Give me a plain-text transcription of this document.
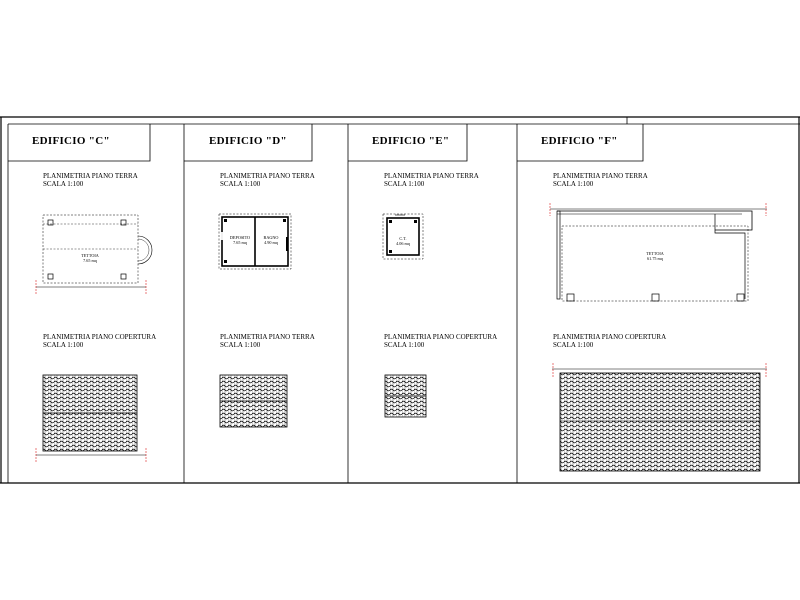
EDIFICIO "C"	EDIFICIO "D"	EDIFICIO "E"	EDIFICIO "F"
PLANIMETRIA PIANO TERRA
SCALA 1:100
PLANIMETRIA PIANO TERRA
SCALA 1:100
PLANIMETRIA PIANO TERRA
SCALA 1:100
PLANIMETRIA PIANO TERRA
SCALA 1:100
PLANIMETRIA PIANO COPERTURA
SCALA 1:100
PLANIMETRIA PIANO TERRA
SCALA 1:100
PLANIMETRIA PIANO COPERTURA
SCALA 1:100
PLANIMETRIA PIANO COPERTURA
SCALA 1:100
TETTOIA
7.65 mq
DEPOSITO
7.65 mq
BAGNO
4.90 mq
C.T.
4.06 mq
TETTOIA
61.75 mq
